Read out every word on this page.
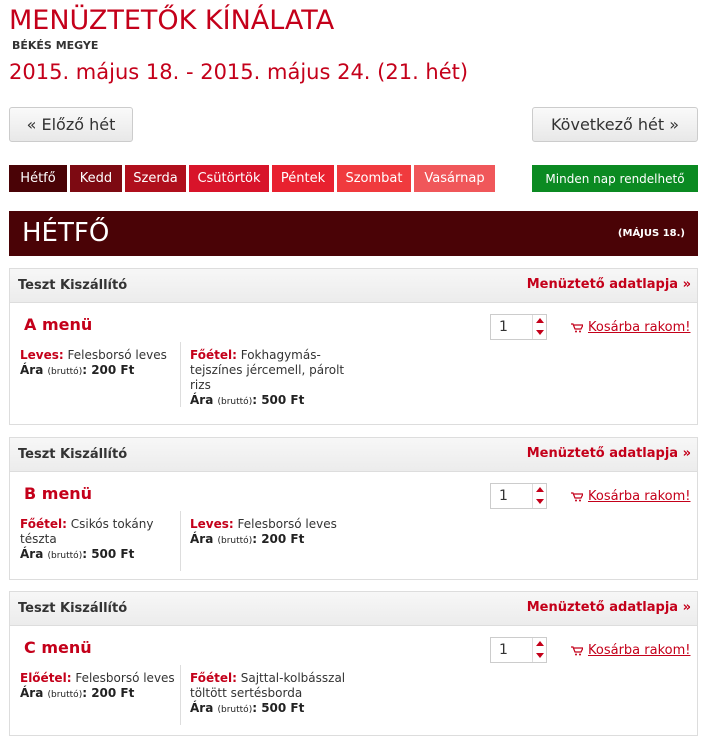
MENÜZTETŐK KÍNÁLATA
BÉKÉS MEGYE
2015. május 18. - 2015. május 24. (21. hét)
« Előző hét	Következő hét »
Hétfő	Kedd	Szerda	Csütörtök	Péntek	Szombat	Vasárnap	Minden nap rendelhető
HÉTFŐ	(MÁJUS 18.)
Teszt Kiszállító	Menüztető adatlapja »
A menü	1	Kosárba rakom!
Leves: Felesborsó leves
Ára (bruttó): 200 Ft
Főétel: Fokhagymás-tejszínes jércemell, párolt rizs
Ára (bruttó): 500 Ft
Teszt Kiszállító	Menüztető adatlapja »
B menü	1	Kosárba rakom!
Főétel: Csikós tokány tészta
Ára (bruttó): 500 Ft
Leves: Felesborsó leves
Ára (bruttó): 200 Ft
Teszt Kiszállító	Menüztető adatlapja »
C menü	1	Kosárba rakom!
Előétel: Felesborsó leves
Ára (bruttó): 200 Ft
Főétel: Sajttal-kolbásszal töltött sertésborda
Ára (bruttó): 500 Ft
